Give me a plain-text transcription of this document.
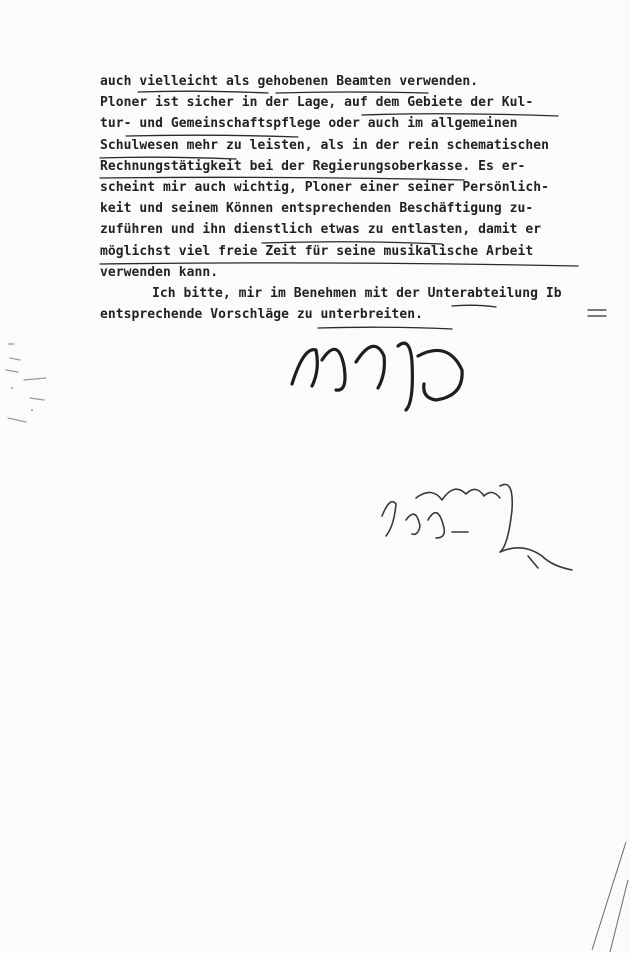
auch vielleicht als gehobenen Beamten verwenden.
Ploner ist sicher in der Lage, auf dem Gebiete der Kul-
tur- und Gemeinschaftspflege oder auch im allgemeinen
Schulwesen mehr zu leisten, als in der rein schematischen
Rechnungstätigkeit bei der Regierungsoberkasse. Es er-
scheint mir auch wichtig, Ploner einer seiner Persönlich-
keit und seinem Können entsprechenden Beschäftigung zu-
zuführen und ihn dienstlich etwas zu entlasten, damit er
möglichst viel freie Zeit für seine musikalische Arbeit
verwenden kann.
Ich bitte, mir im Benehmen mit der Unterabteilung Ib
entsprechende Vorschläge zu unterbreiten.
